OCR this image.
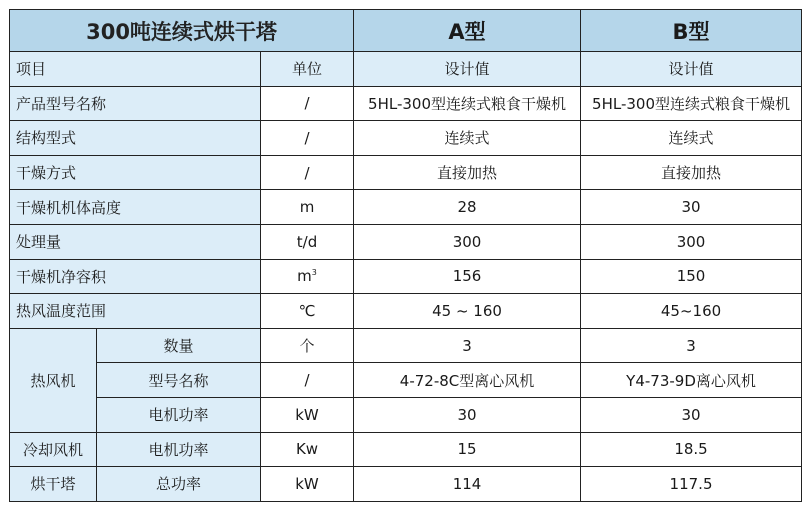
300吨连续式烘干塔			A型	B型
项目		单位	设计值	设计值
产品型号名称		/	5HL-300型连续式粮食干燥机	5HL-300型连续式粮食干燥机
结构型式		/	连续式	连续式
干燥方式		/	直接加热	直接加热
干燥机机体高度		m	28	30
处理量		t/d	300	300
干燥机净容积		$m^3$	156	150
热风温度范围		℃	45 ~ 160	45~160
热风机	数量	个	3	3
	型号名称	/	4-72-8C型离心风机	Y4-73-9D离心风机
	电机功率	kW	30	30
冷却风机	电机功率	Kw	15	18.5
烘干塔	总功率	kW	114	117.5
